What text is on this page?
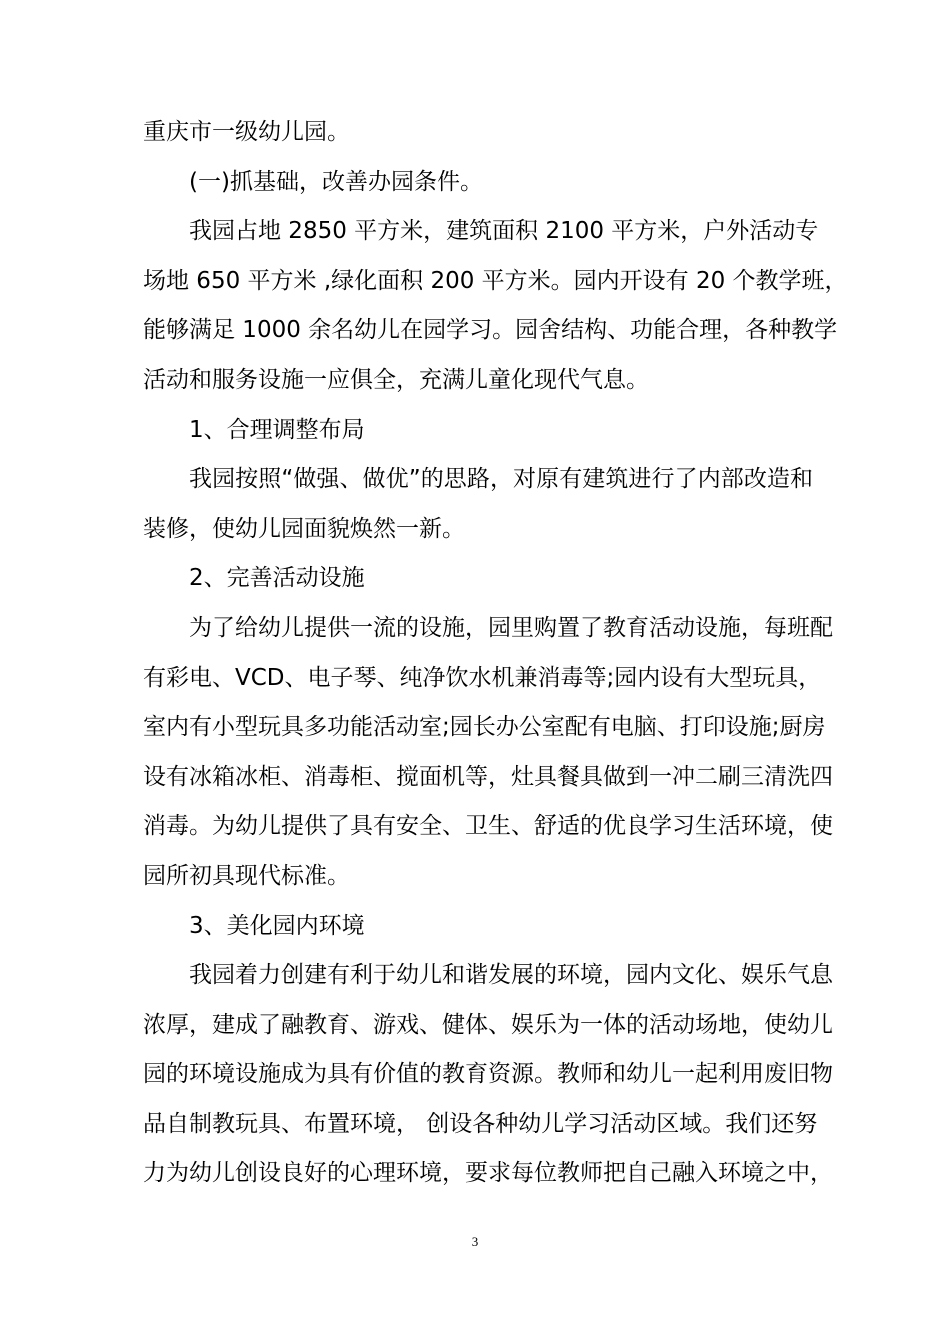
重庆市一级幼儿园。
(一)抓基础，改善办园条件。
我园占地 2850 平方米，建筑面积 2100 平方米，户外活动专
场地 650 平方米 ,绿化面积 200 平方米。园内开设有 20 个教学班，
能够满足 1000 余名幼儿在园学习。园舍结构、功能合理，各种教学
活动和服务设施一应俱全，充满儿童化现代气息。
1、合理调整布局
我园按照“做强、做优”的思路，对原有建筑进行了内部改造和
装修，使幼儿园面貌焕然一新。
2、完善活动设施
为了给幼儿提供一流的设施，园里购置了教育活动设施，每班配
有彩电、VCD、电子琴、纯净饮水机兼消毒等;园内设有大型玩具，
室内有小型玩具多功能活动室;园长办公室配有电脑、打印设施;厨房
设有冰箱冰柜、消毒柜、搅面机等，灶具餐具做到一冲二刷三清洗四
消毒。为幼儿提供了具有安全、卫生、舒适的优良学习生活环境，使
园所初具现代标准。
3、美化园内环境
我园着力创建有利于幼儿和谐发展的环境，园内文化、娱乐气息
浓厚，建成了融教育、游戏、健体、娱乐为一体的活动场地，使幼儿
园的环境设施成为具有价值的教育资源。教师和幼儿一起利用废旧物
品自制教玩具、布置环境， 创设各种幼儿学习活动区域。我们还努
力为幼儿创设良好的心理环境，要求每位教师把自己融入环境之中，
3
